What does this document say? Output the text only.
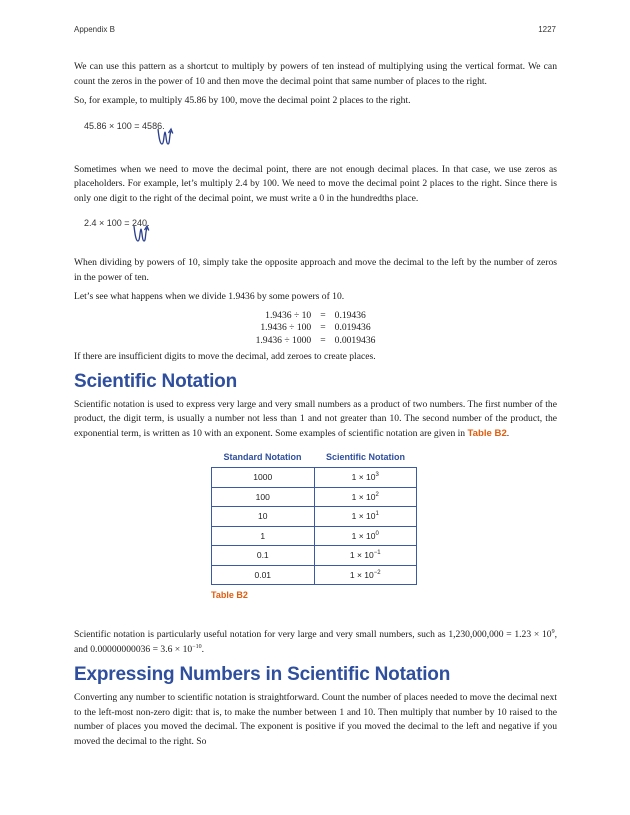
Appendix B	1227

We can use this pattern as a shortcut to multiply by powers of ten instead of multiplying using the vertical format. We can count the zeros in the power of 10 and then move the decimal point that same number of places to the right.

So, for example, to multiply 45.86 by 100, move the decimal point 2 places to the right.

45.86 × 100 = 4586.

Sometimes when we need to move the decimal point, there are not enough decimal places. In that case, we use zeros as placeholders. For example, let’s multiply 2.4 by 100. We need to move the decimal point 2 places to the right. Since there is only one digit to the right of the decimal point, we must write a 0 in the hundredths place.

2.4 × 100 = 240.

When dividing by powers of 10, simply take the opposite approach and move the decimal to the left by the number of zeros in the power of ten.

Let’s see what happens when we divide 1.9436 by some powers of 10.

1.9436 ÷ 10	=	0.19436
1.9436 ÷ 100	=	0.019436
1.9436 ÷ 1000	=	0.0019436

If there are insufficient digits to move the decimal, add zeroes to create places.

Scientific Notation

Scientific notation is used to express very large and very small numbers as a product of two numbers. The first number of the product, the digit term, is usually a number not less than 1 and not greater than 10. The second number of the product, the exponential term, is written as 10 with an exponent. Some examples of scientific notation are given in Table B2.

Standard Notation	Scientific Notation
1000	$1 \times 10^3$
100	$1 \times 10^2$
10	$1 \times 10^1$
1	$1 \times 10^0$
0.1	$1 \times 10^{-1}$
0.01	$1 \times 10^{-2}$
Table B2

Scientific notation is particularly useful notation for very large and very small numbers, such as $1,230,000,000 = 1.23 \times 10^9$, and $0.00000000036 = 3.6 \times 10^{-10}$.

Expressing Numbers in Scientific Notation

Converting any number to scientific notation is straightforward. Count the number of places needed to move the decimal next to the left-most non-zero digit: that is, to make the number between 1 and 10. Then multiply that number by 10 raised to the number of places you moved the decimal. The exponent is positive if you moved the decimal to the left and negative if you moved the decimal to the right. So
